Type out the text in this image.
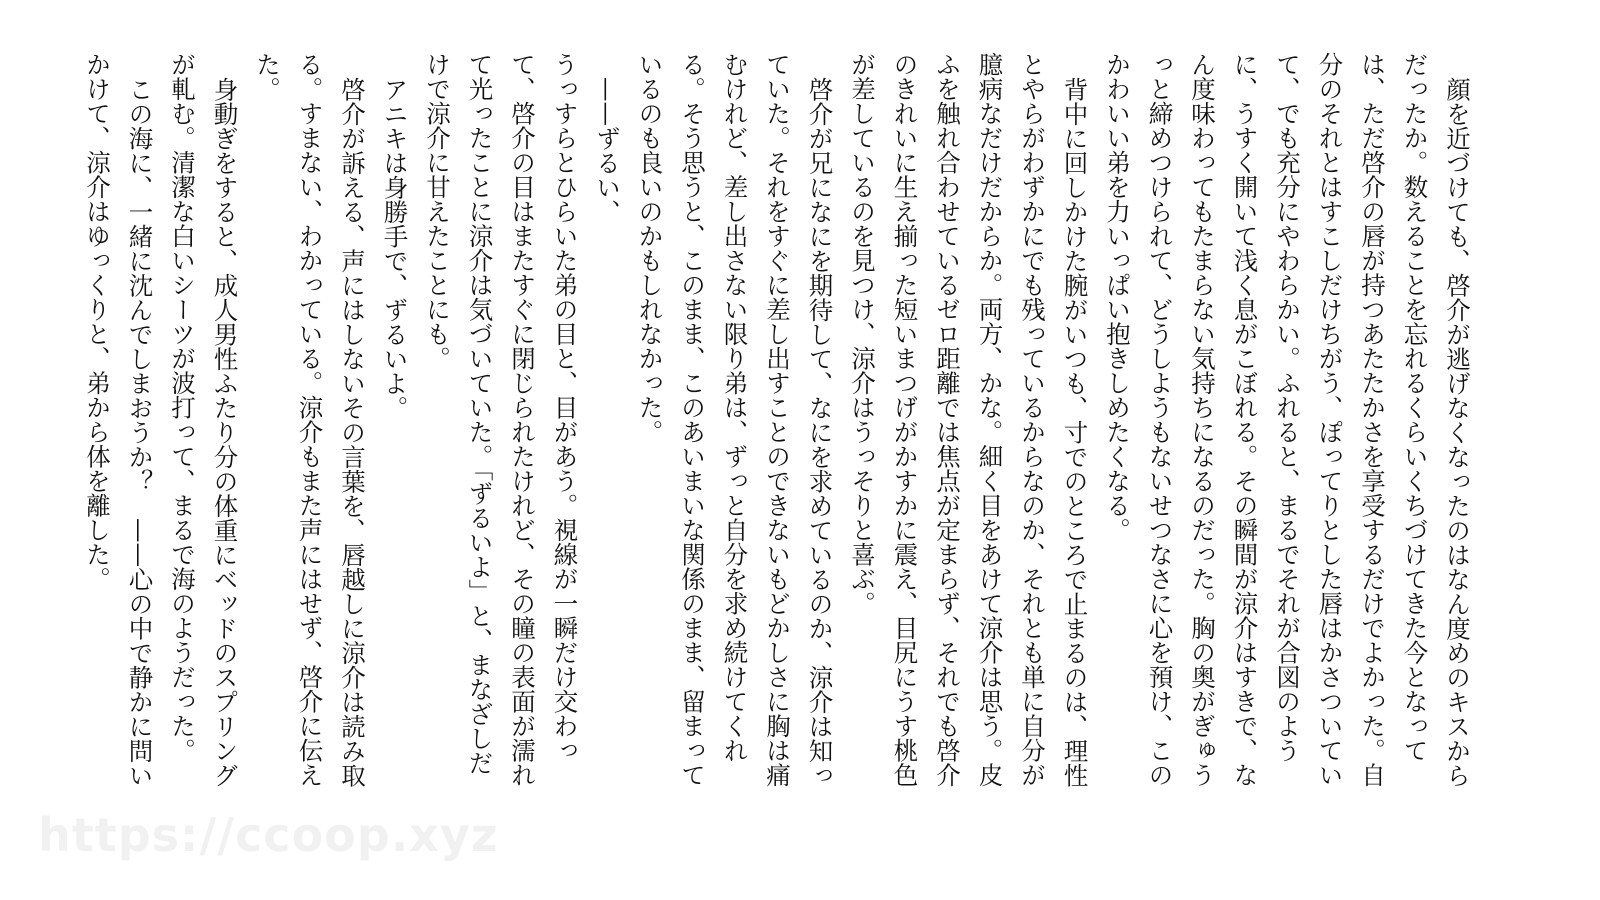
顔を近づけても、啓介が逃げなくなったのはなん度めのキスから
だったか。数えることを忘れるくらいくちづけてきた今となって
は、ただ啓介の唇が持つあたたかさを享受するだけでよかった。自
分のそれとはすこしだけちがう、ぽってりとした唇はかさついてい
て、でも充分にやわらかい。ふれると、まるでそれが合図のよう
に、うすく開いて浅く息がこぼれる。その瞬間が涼介はすきで、な
ん度味わってもたまらない気持ちになるのだった。胸の奥がぎゅう
っと締めつけられて、どうしようもないせつなさに心を預け、この
かわいい弟を力いっぱい抱きしめたくなる。

背中に回しかけた腕がいつも、寸でのところで止まるのは、理性
とやらがわずかにでも残っているからなのか、それとも単に自分が
臆病なだけだからか。両方、かな。細く目をあけて涼介は思う。皮
ふを触れ合わせているゼロ距離では焦点が定まらず、それでも啓介
のきれいに生え揃った短いまつげがかすかに震え、目尻にうす桃色
が差しているのを見つけ、涼介はうっそりと喜ぶ。

啓介が兄になにを期待して、なにを求めているのか、涼介は知っ
ていた。それをすぐに差し出すことのできないもどかしさに胸は痛
むけれど、差し出さない限り弟は、ずっと自分を求め続けてくれ
る。そう思うと、このまま、このあいまいな関係のまま、留まって
いるのも良いのかもしれなかった。

——ずるい、

うっすらとひらいた弟の目と、目があう。視線が一瞬だけ交わっ
て、啓介の目はまたすぐに閉じられたけれど、その瞳の表面が濡れ
て光ったことに涼介は気づいていた。「ずるいよ」と、まなざしだ
けで涼介に甘えたことにも。

アニキは身勝手で、ずるいよ。

啓介が訴える、声にはしないその言葉を、唇越しに涼介は読み取
る。すまない、わかっている。涼介もまた声にはせず、啓介に伝え
た。

身動ぎをすると、成人男性ふたり分の体重にベッドのスプリング
が軋む。清潔な白いシーツが波打って、まるで海のようだった。

この海に、一緒に沈んでしまおうか？　——心の中で静かに問い
かけて、涼介はゆっくりと、弟から体を離した。

https://ccoop.xyz
